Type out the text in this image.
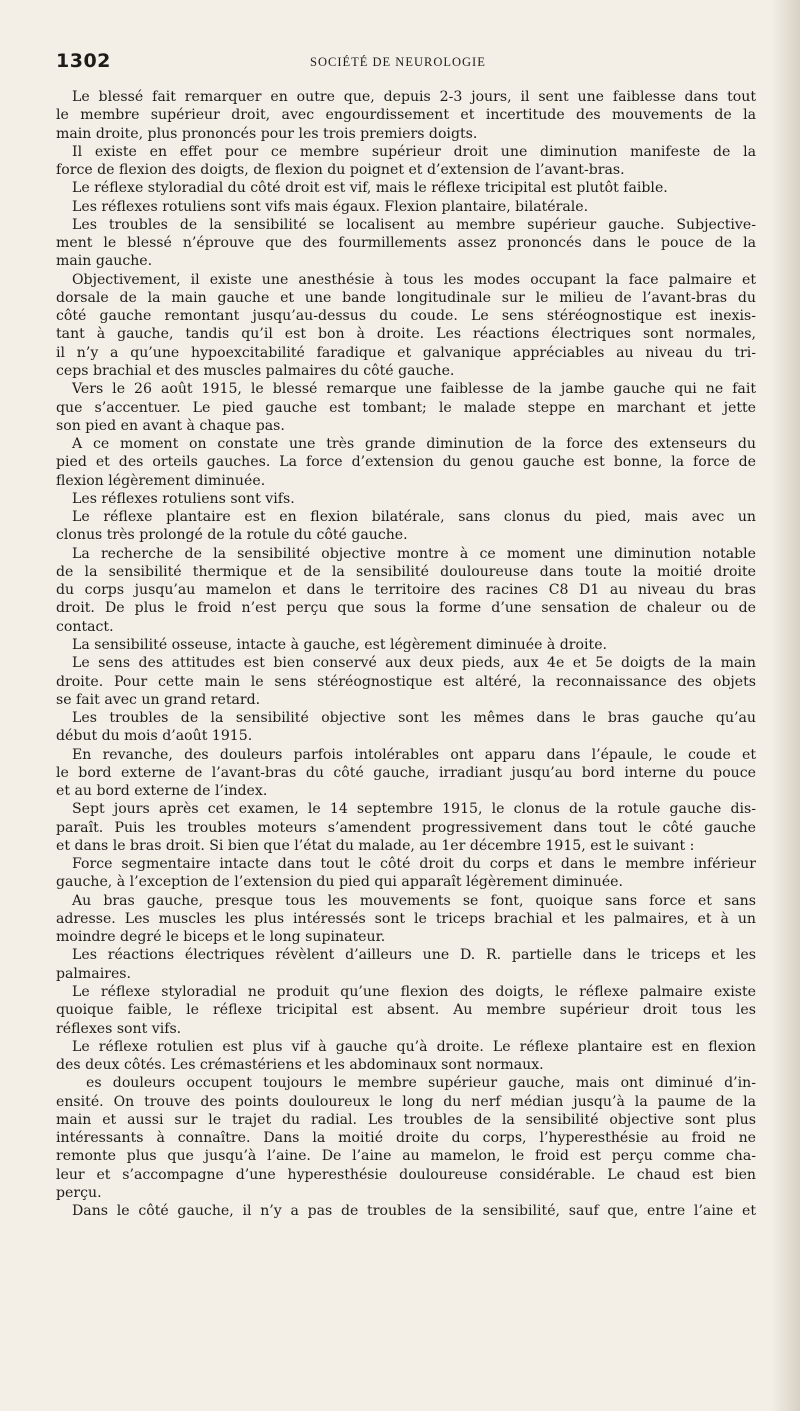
1302	SOCIÉTÉ DE NEUROLOGIE
Le blessé fait remarquer en outre que, depuis 2-3 jours, il sent une faiblesse dans tout
le membre supérieur droit, avec engourdissement et incertitude des mouvements de la
main droite, plus prononcés pour les trois premiers doigts.
Il existe en effet pour ce membre supérieur droit une diminution manifeste de la
force de flexion des doigts, de flexion du poignet et d’extension de l’avant-bras.
Le réflexe styloradial du côté droit est vif, mais le réflexe tricipital est plutôt faible.
Les réflexes rotuliens sont vifs mais égaux. Flexion plantaire, bilatérale.
Les troubles de la sensibilité se localisent au membre supérieur gauche. Subjective-
ment le blessé n’éprouve que des fourmillements assez prononcés dans le pouce de la
main gauche.
Objectivement, il existe une anesthésie à tous les modes occupant la face palmaire et
dorsale de la main gauche et une bande longitudinale sur le milieu de l’avant-bras du
côté gauche remontant jusqu’au-dessus du coude. Le sens stéréognostique est inexis-
tant à gauche, tandis qu’il est bon à droite. Les réactions électriques sont normales,
il n’y a qu’une hypoexcitabilité faradique et galvanique appréciables au niveau du tri-
ceps brachial et des muscles palmaires du côté gauche.
Vers le 26 août 1915, le blessé remarque une faiblesse de la jambe gauche qui ne fait
que s’accentuer. Le pied gauche est tombant; le malade steppe en marchant et jette
son pied en avant à chaque pas.
A ce moment on constate une très grande diminution de la force des extenseurs du
pied et des orteils gauches. La force d’extension du genou gauche est bonne, la force de
flexion légèrement diminuée.
Les réflexes rotuliens sont vifs.
Le réflexe plantaire est en flexion bilatérale, sans clonus du pied, mais avec un
clonus très prolongé de la rotule du côté gauche.
La recherche de la sensibilité objective montre à ce moment une diminution notable
de la sensibilité thermique et de la sensibilité douloureuse dans toute la moitié droite
du corps jusqu’au mamelon et dans le territoire des racines C8 D1 au niveau du bras
droit. De plus le froid n’est perçu que sous la forme d’une sensation de chaleur ou de
contact.
La sensibilité osseuse, intacte à gauche, est légèrement diminuée à droite.
Le sens des attitudes est bien conservé aux deux pieds, aux 4e et 5e doigts de la main
droite. Pour cette main le sens stéréognostique est altéré, la reconnaissance des objets
se fait avec un grand retard.
Les troubles de la sensibilité objective sont les mêmes dans le bras gauche qu’au
début du mois d’août 1915.
En revanche, des douleurs parfois intolérables ont apparu dans l’épaule, le coude et
le bord externe de l’avant-bras du côté gauche, irradiant jusqu’au bord interne du pouce
et au bord externe de l’index.
Sept jours après cet examen, le 14 septembre 1915, le clonus de la rotule gauche dis-
paraît. Puis les troubles moteurs s’amendent progressivement dans tout le côté gauche
et dans le bras droit. Si bien que l’état du malade, au 1er décembre 1915, est le suivant :
Force segmentaire intacte dans tout le côté droit du corps et dans le membre inférieur
gauche, à l’exception de l’extension du pied qui apparaît légèrement diminuée.
Au bras gauche, presque tous les mouvements se font, quoique sans force et sans
adresse. Les muscles les plus intéressés sont le triceps brachial et les palmaires, et à un
moindre degré le biceps et le long supinateur.
Les réactions électriques révèlent d’ailleurs une D. R. partielle dans le triceps et les
palmaires.
Le réflexe styloradial ne produit qu’une flexion des doigts, le réflexe palmaire existe
quoique faible, le réflexe tricipital est absent. Au membre supérieur droit tous les
réflexes sont vifs.
Le réflexe rotulien est plus vif à gauche qu’à droite. Le réflexe plantaire est en flexion
des deux côtés. Les crémastériens et les abdominaux sont normaux.
es douleurs occupent toujours le membre supérieur gauche, mais ont diminué d’in-
ensité. On trouve des points douloureux le long du nerf médian jusqu’à la paume de la
main et aussi sur le trajet du radial. Les troubles de la sensibilité objective sont plus
intéressants à connaître. Dans la moitié droite du corps, l’hyperesthésie au froid ne
remonte plus que jusqu’à l’aine. De l’aine au mamelon, le froid est perçu comme cha-
leur et s’accompagne d’une hyperesthésie douloureuse considérable. Le chaud est bien
perçu.
Dans le côté gauche, il n’y a pas de troubles de la sensibilité, sauf que, entre l’aine et
